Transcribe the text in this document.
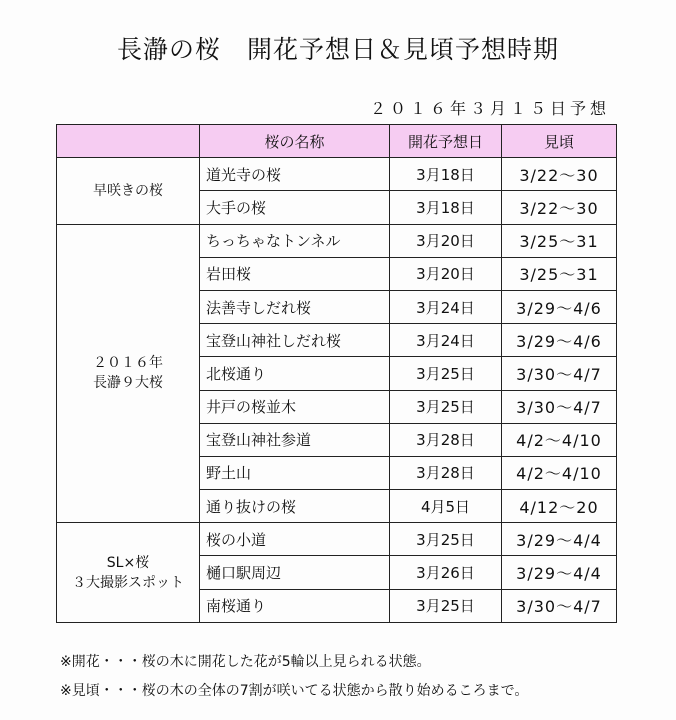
長瀞の桜　開花予想日＆見頃予想時期
２０１６年３月１５日予想
	桜の名称	開花予想日	見頃

早咲きの桜	道光寺の桜	3月18日	3/22～30
	大手の桜	3月18日	3/22～30

２０１６年
長瀞９大桜	ちっちゃなトンネル	3月20日	3/25～31
	岩田桜	3月20日	3/25～31
	法善寺しだれ桜	3月24日	3/29～4/6
	宝登山神社しだれ桜	3月24日	3/29～4/6
	北桜通り	3月25日	3/30～4/7
	井戸の桜並木	3月25日	3/30～4/7
	宝登山神社参道	3月28日	4/2～4/10
	野土山	3月28日	4/2～4/10
	通り抜けの桜	4月5日	4/12～20

SL×桜
３大撮影スポット	桜の小道	3月25日	3/29～4/4
	樋口駅周辺	3月26日	3/29～4/4
	南桜通り	3月25日	3/30～4/7
※開花・・・桜の木に開花した花が5輪以上見られる状態。
※見頃・・・桜の木の全体の7割が咲いてる状態から散り始めるころまで。
